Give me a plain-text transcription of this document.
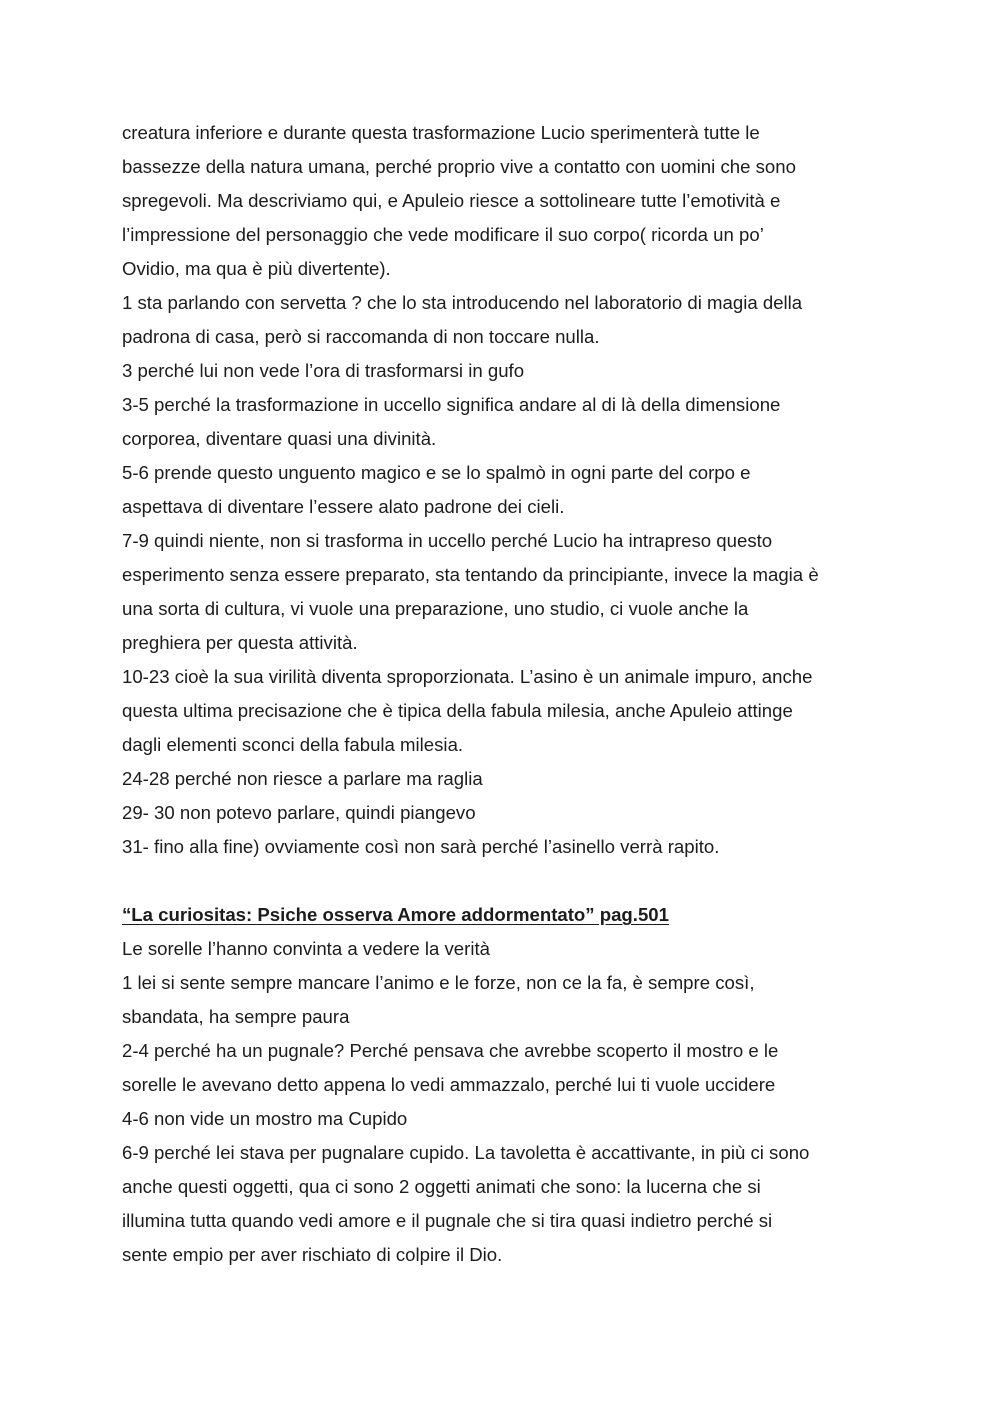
creatura inferiore e durante questa trasformazione Lucio sperimenterà tutte le
bassezze della natura umana, perché proprio vive a contatto con uomini che sono
spregevoli. Ma descriviamo qui, e Apuleio riesce a sottolineare tutte l’emotività e
l’impressione del personaggio che vede modificare il suo corpo( ricorda un po’
Ovidio, ma qua è più divertente).
1 sta parlando con servetta ? che lo sta introducendo nel laboratorio di magia della
padrona di casa, però si raccomanda di non toccare nulla.
3 perché lui non vede l’ora di trasformarsi in gufo
3-5 perché la trasformazione in uccello significa andare al di là della dimensione
corporea, diventare quasi una divinità.
5-6 prende questo unguento magico e se lo spalmò in ogni parte del corpo e
aspettava di diventare l’essere alato padrone dei cieli.
7-9 quindi niente, non si trasforma in uccello perché Lucio ha intrapreso questo
esperimento senza essere preparato, sta tentando da principiante, invece la magia è
una sorta di cultura, vi vuole una preparazione, uno studio, ci vuole anche la
preghiera per questa attività.
10-23 cioè la sua virilità diventa sproporzionata. L’asino è un animale impuro, anche
questa ultima precisazione che è tipica della fabula milesia, anche Apuleio attinge
dagli elementi sconci della fabula milesia.
24-28 perché non riesce a parlare ma raglia
29- 30 non potevo parlare, quindi piangevo
31- fino alla fine) ovviamente così non sarà perché l’asinello verrà rapito.
“La curiositas: Psiche osserva Amore addormentato” pag.501
Le sorelle l’hanno convinta a vedere la verità
1 lei si sente sempre mancare l’animo e le forze, non ce la fa, è sempre così,
sbandata, ha sempre paura
2-4 perché ha un pugnale? Perché pensava che avrebbe scoperto il mostro e le
sorelle le avevano detto appena lo vedi ammazzalo, perché lui ti vuole uccidere
4-6 non vide un mostro ma Cupido
6-9 perché lei stava per pugnalare cupido. La tavoletta è accattivante, in più ci sono
anche questi oggetti, qua ci sono 2 oggetti animati che sono: la lucerna che si
illumina tutta quando vedi amore e il pugnale che si tira quasi indietro perché si
sente empio per aver rischiato di colpire il Dio.
